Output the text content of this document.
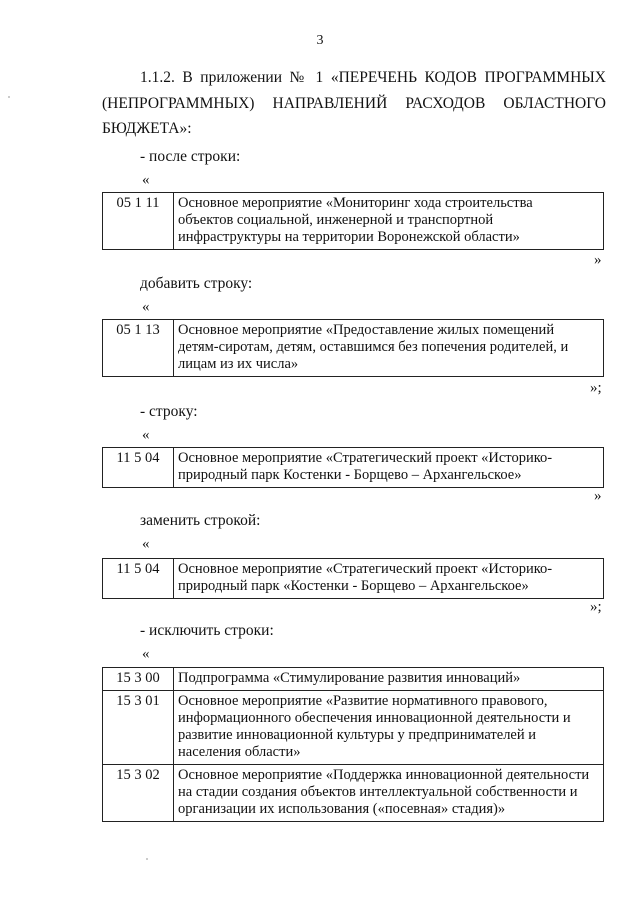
3
1.1.2. В приложении № 1 «ПЕРЕЧЕНЬ КОДОВ ПРОГРАММНЫХ
(НЕПРОГРАММНЫХ) НАПРАВЛЕНИЙ РАСХОДОВ ОБЛАСТНОГО
БЮДЖЕТА»:
- после строки:
«
05 1 11	Основное мероприятие «Мониторинг хода строительства
объектов социальной, инженерной и транспортной
инфраструктуры на территории Воронежской области»
»
добавить строку:
«
05 1 13	Основное мероприятие «Предоставление жилых помещений
детям-сиротам, детям, оставшимся без попечения родителей, и
лицам из их числа»
»;
- строку:
«
11 5 04	Основное мероприятие «Стратегический проект «Историко-
природный парк Костенки - Борщево – Архангельское»
»
заменить строкой:
«
11 5 04	Основное мероприятие «Стратегический проект «Историко-
природный парк «Костенки - Борщево – Архангельское»
»;
- исключить строки:
«
15 3 00	Подпрограмма «Стимулирование развития инноваций»

15 3 01	Основное мероприятие «Развитие нормативного правового,
информационного обеспечения инновационной деятельности и
развитие инновационной культуры у предпринимателей и
населения области»

15 3 02	Основное мероприятие «Поддержка инновационной деятельности
на стадии создания объектов интеллектуальной собственности и
организации их использования («посевная» стадия)»
